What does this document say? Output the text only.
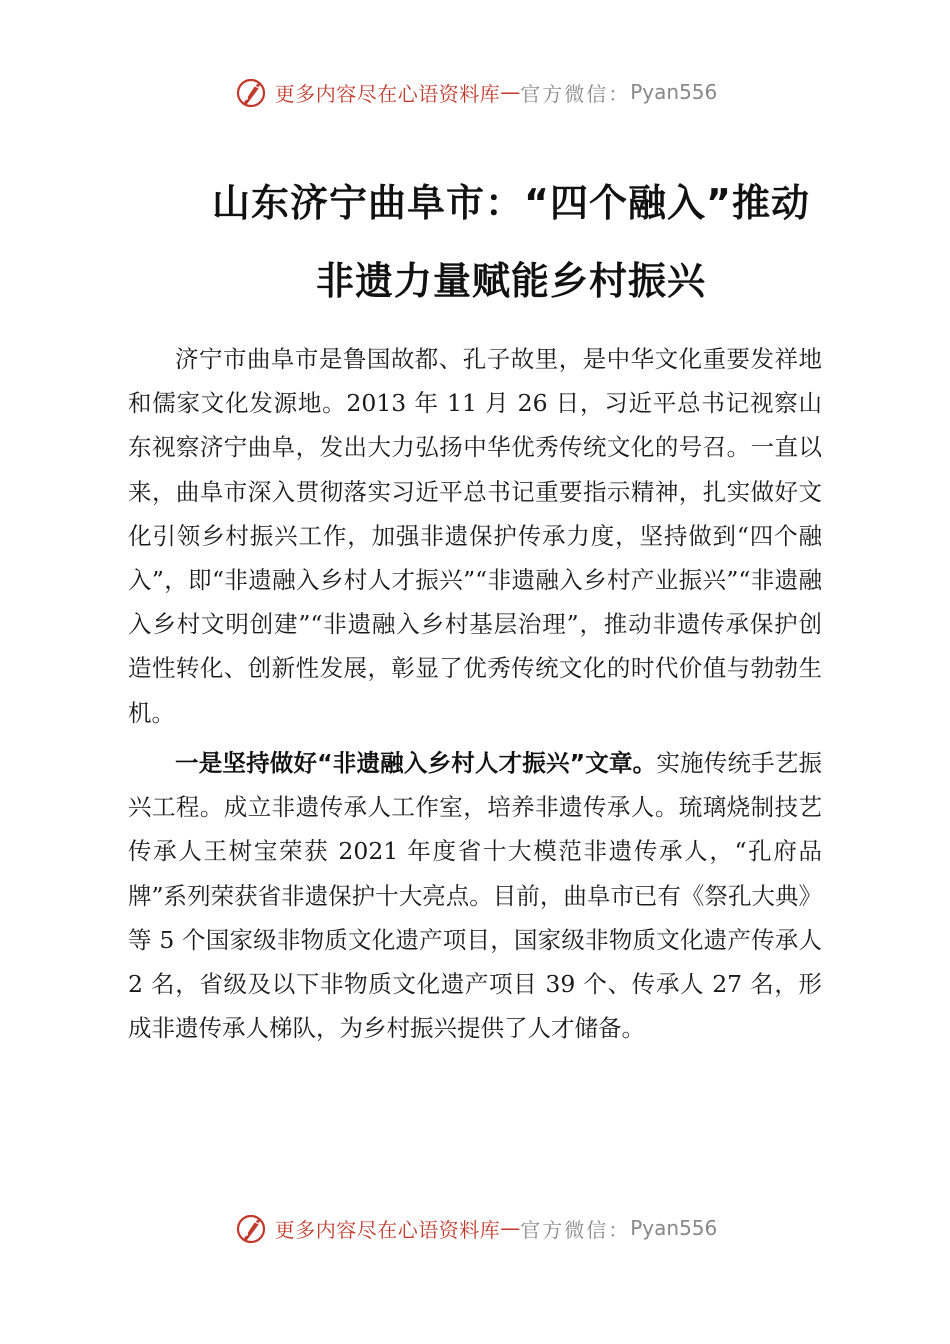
更多内容尽在心语资料库 — 官方微信： Pyan556
山东济宁曲阜市：“四个融入”推动
非遗力量赋能乡村振兴
济宁市曲阜市是鲁国故都、孔子故里，是中华文化重要发祥地和儒家文化发源地。2013 年 11 月 26 日，习近平总书记视察山东视察济宁曲阜，发出大力弘扬中华优秀传统文化的号召。一直以来，曲阜市深入贯彻落实习近平总书记重要指示精神，扎实做好文化引领乡村振兴工作，加强非遗保护传承力度，坚持做到“四个融入”，即“非遗融入乡村人才振兴”“非遗融入乡村产业振兴”“非遗融入乡村文明创建”“非遗融入乡村基层治理”，推动非遗传承保护创造性转化、创新性发展，彰显了优秀传统文化的时代价值与勃勃生机。
一是坚持做好“非遗融入乡村人才振兴”文章。实施传统手艺振兴工程。成立非遗传承人工作室，培养非遗传承人。琉璃烧制技艺传承人王树宝荣获 2021 年度省十大模范非遗传承人，“孔府品牌”系列荣获省非遗保护十大亮点。目前，曲阜市已有《祭孔大典》等 5 个国家级非物质文化遗产项目，国家级非物质文化遗产传承人 2 名，省级及以下非物质文化遗产项目 39 个、传承人 27 名，形成非遗传承人梯队，为乡村振兴提供了人才储备。
更多内容尽在心语资料库 — 官方微信： Pyan556
